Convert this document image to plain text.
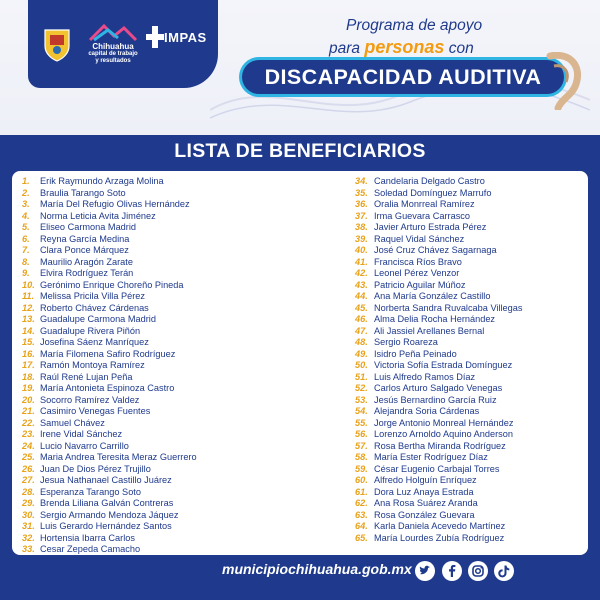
Chihuahua
capital de trabajo
y resultados
IMPAS
Programa de apoyo
para personas con
DISCAPACIDAD AUDITIVA
LISTA DE BENEFICIARIOS
1.	Erik Raymundo Arzaga Molina
2.	Braulia Tarango Soto
3.	María Del Refugio Olivas Hernández
4.	Norma Leticia Avita Jiménez
5.	Eliseo Carmona Madrid
6.	Reyna García Medina
7.	Clara Ponce Márquez
8.	Maurilio Aragón Zarate
9.	Elvira Rodríguez Terán
10. Gerónimo Enrique Choreño Pineda
11. Melissa Pricila Villa Pérez
12. Roberto Chávez Cárdenas
13. Guadalupe Carmona Madrid
14. Guadalupe Rivera Piñón
15. Josefina Sáenz Manríquez
16. María Filomena Safiro Rodríguez
17. Ramón Montoya Ramírez
18. Raúl René Lujan Peña
19. María Antonieta Espinoza Castro
20. Socorro Ramírez Valdez
21. Casimiro Venegas Fuentes
22. Samuel Chávez
23. Irene Vidal Sánchez
24. Lucio Navarro Carrillo
25. Maria Andrea Teresita Meraz Guerrero
26. Juan De Dios Pérez Trujillo
27. Jesua Nathanael Castillo Juárez
28. Esperanza Tarango Soto
29. Brenda Liliana Galván Contreras
30. Sergio Armando Mendoza Jáquez
31. Luis Gerardo Hernández Santos
32. Hortensia Ibarra Carlos
33. Cesar Zepeda Camacho
34. Candelaria Delgado Castro
35. Soledad Domínguez Marrufo
36. Oralia Monrreal Ramírez
37. Irma Guevara Carrasco
38. Javier Arturo Estrada Pérez
39. Raquel Vidal Sánchez
40. José Cruz Chávez Sagarnaga
41. Francisca Ríos Bravo
42. Leonel Pérez Venzor
43. Patricio Aguilar Múñoz
44. Ana María González Castillo
45. Norberta Sandra Ruvalcaba Villegas
46. Alma Delia Rocha Hernández
47. Ali Jassiel Arellanes Bernal
48. Sergio Roareza
49. Isidro Peña Peinado
50. Victoria Sofía Estrada Domínguez
51. Luis Alfredo Ramos Díaz
52. Carlos Arturo Salgado Venegas
53. Jesús Bernardino García Ruiz
54. Alejandra Soria Cárdenas
55. Jorge Antonio Monreal Hernández
56. Lorenzo Arnoldo Aquino Anderson
57. Rosa Bertha Miranda Rodríguez
58. María Ester Rodríguez Díaz
59. César Eugenio Carbajal Torres
60. Alfredo Holguín Enríquez
61. Dora Luz Anaya Estrada
62. Ana Rosa Suárez Aranda
63. Rosa González Guevara
64. Karla Daniela Acevedo Martínez
65. María Lourdes Zubía Rodríguez
municipiochihuahua.gob.mx
